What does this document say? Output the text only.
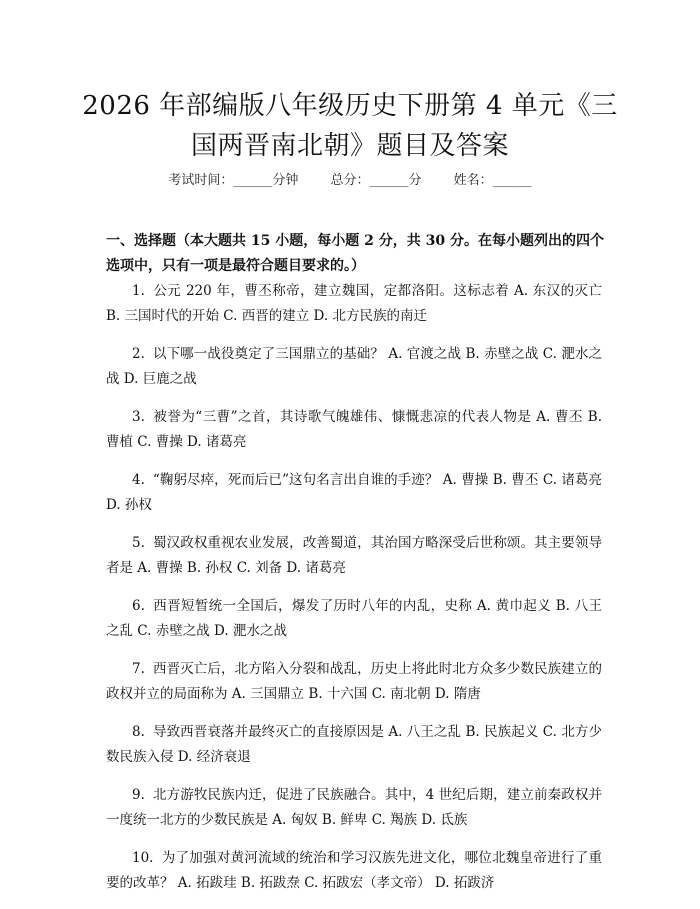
2026 年部编版八年级历史下册第 4 单元《三
国两晋南北朝》题目及答案
考试时间：______分钟 总分：______分 姓名：______

一、选择题（本大题共 15 小题，每小题 2 分，共 30 分。在每小题列出的四个选项中，只有一项是最符合题目要求的。）

1. 公元 220 年，曹丕称帝，建立魏国，定都洛阳。这标志着 A. 东汉的灭亡 B. 三国时代的开始 C. 西晋的建立 D. 北方民族的南迁
2. 以下哪一战役奠定了三国鼎立的基础？ A. 官渡之战 B. 赤壁之战 C. 淝水之战 D. 巨鹿之战
3. 被誉为“三曹”之首，其诗歌气魄雄伟、慷慨悲凉的代表人物是 A. 曹丕 B. 曹植 C. 曹操 D. 诸葛亮
4. “鞠躬尽瘁，死而后已”这句名言出自谁的手迹？ A. 曹操 B. 曹丕 C. 诸葛亮 D. 孙权
5. 蜀汉政权重视农业发展，改善蜀道，其治国方略深受后世称颂。其主要领导者是 A. 曹操 B. 孙权 C. 刘备 D. 诸葛亮
6. 西晋短暂统一全国后，爆发了历时八年的内乱，史称 A. 黄巾起义 B. 八王之乱 C. 赤壁之战 D. 淝水之战
7. 西晋灭亡后，北方陷入分裂和战乱，历史上将此时北方众多少数民族建立的政权并立的局面称为 A. 三国鼎立 B. 十六国 C. 南北朝 D. 隋唐
8. 导致西晋衰落并最终灭亡的直接原因是 A. 八王之乱 B. 民族起义 C. 北方少数民族入侵 D. 经济衰退
9. 北方游牧民族内迁，促进了民族融合。其中，4 世纪后期，建立前秦政权并一度统一北方的少数民族是 A. 匈奴 B. 鲜卑 C. 羯族 D. 氐族
10. 为了加强对黄河流域的统治和学习汉族先进文化，哪位北魏皇帝进行了重要的改革？ A. 拓跋珪 B. 拓跋焘 C. 拓跋宏（孝文帝） D. 拓跋济
